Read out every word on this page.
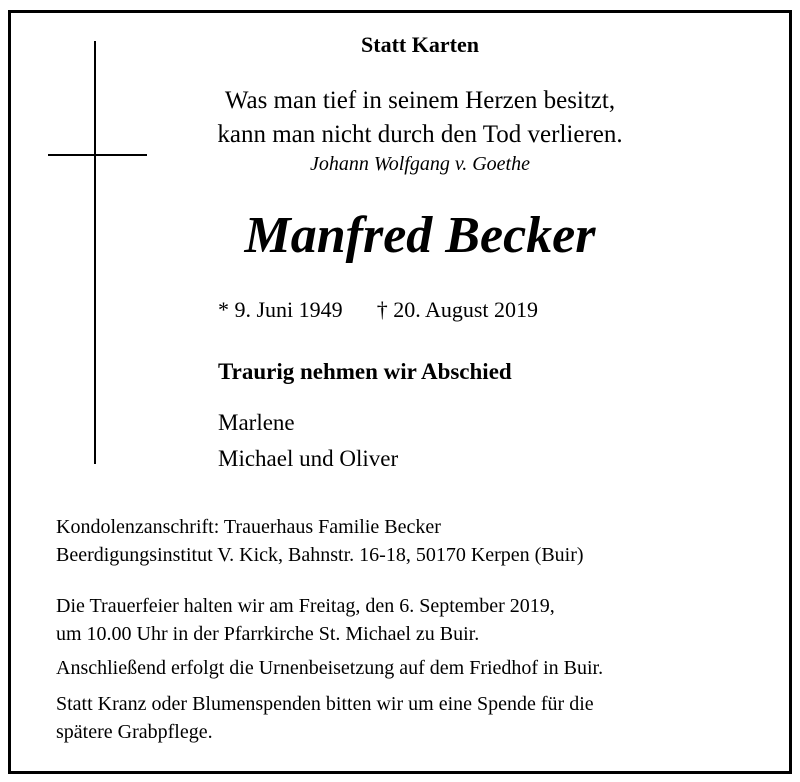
Statt Karten
Was man tief in seinem Herzen besitzt,
kann man nicht durch den Tod verlieren.
Johann Wolfgang v. Goethe
Manfred Becker
* 9. Juni 1949 † 20. August 2019
Traurig nehmen wir Abschied
Marlene
Michael und Oliver
Kondolenzanschrift: Trauerhaus Familie Becker
Beerdigungsinstitut V. Kick, Bahnstr. 16-18, 50170 Kerpen (Buir)
Die Trauerfeier halten wir am Freitag, den 6. September 2019,
um 10.00 Uhr in der Pfarrkirche St. Michael zu Buir.
Anschließend erfolgt die Urnenbeisetzung auf dem Friedhof in Buir.
Statt Kranz oder Blumenspenden bitten wir um eine Spende für die
spätere Grabpflege.
